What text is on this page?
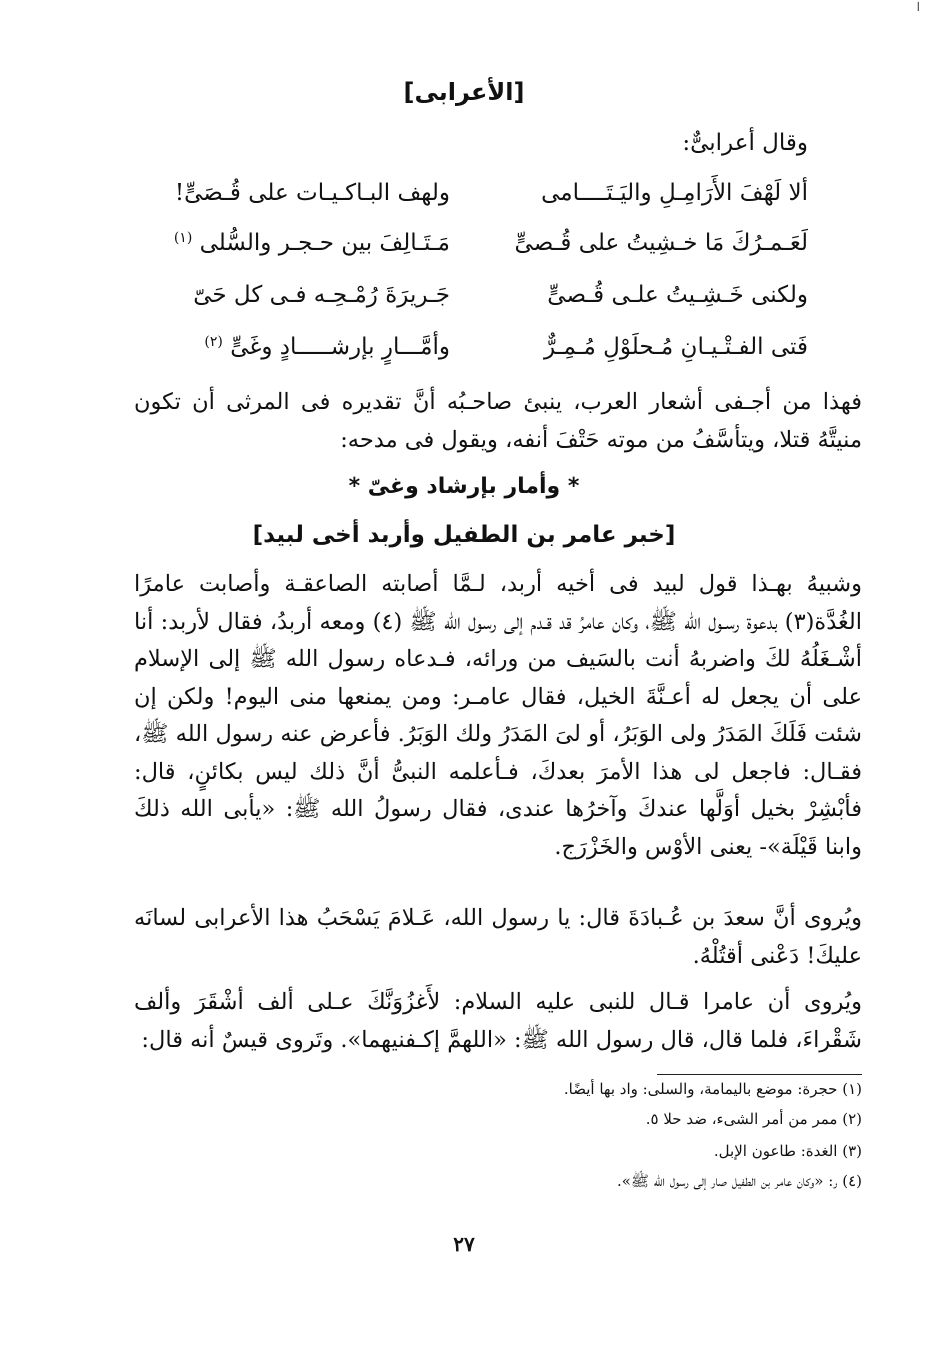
ا
[الأعرابى]
وقال أعرابىٌّ:
ألا لَهْفَ الأَرَامِـلِ واليَـتَــــامى
ولهف البـاكـيـات على قُـصَىٍّ!
لَعَـمـرُكَ مَا خـشِيتُ على قُـصىٍّ
مَـتَـالِفَ بين حـجـر والسُّلى $^{(١)}$
ولكنى خَـشِـيتُ علـى قُـصىٍّ
جَـريرَةَ رُمْـحِـه فـى كل حَىّ
فَتى الفـتْـيـانِ مُـحلَوْلِ مُـمِـرٌّ
وأمَّـــارٍ بإرشـــــادٍ وغَىٍّ $^{(٢)}$
فهذا من أجـفى أشعار العرب، ينبئ صاحـبُه أنَّ تقديره فى المرثى أن تكون منيتَّهُ قتلا، ويتأسَّفُ من موته حَتْفَ أنفه، ويقول فى مدحه:
* وأمار بإرشاد وغىّ *
[خبر عامر بن الطفيل وأربد أخى لبيد]
وشبيهُ بهـذا قول لبيد فى أخيه أربد، لـمَّا أصابته الصاعقـة وأصابت عامرًا الغُدَّة(٣) بدعوة رسـول الله ﷺ، وكان عامرُ قد قـدم إلى رسول الله ﷺ (٤) ومعه أربدُ، فقال لأربد: أنا أشْـغَلُهُ لكَ واضربهُ أنت بالسَيف من ورائه، فـدعاه رسول الله ﷺ إلى الإسلام على أن يجعل له أعـنَّةَ الخيل، فقال عامـر: ومن يمنعها منى اليوم! ولكن إن شئت فَلَكَ المَدَرُ ولى الوَبَرُ، أو لىَ المَدَرُ ولك الوَبَرُ. فأعرض عنه رسول الله ﷺ، فقـال: فاجعل لى هذا الأمرَ بعدكَ، فـأعلمه النبىُّ أنَّ ذلك ليس بكائنٍ، قال: فأبْشِرْ بخيل أوَلَّها عندكَ وآخرُها عندى، فقال رسولُ الله ﷺ: «يأبى الله ذلكَ وابنا قَيْلَة»- يعنى الأوْس والخَزْرَج.
ويُروى أنَّ سعدَ بن عُـبادَةَ قال: يا رسول الله، عَـلامَ يَسْحَبُ هذا الأعرابى لسانَه عليكَ! دَعْنى أقتُلْهُ.
ويُروى أن عامرا قـال للنبى عليه السلام: لأَغزُوَنَّكَ عـلى ألف أشْقَرَ وألف شَقْراءَ، فلما قال، قال رسول الله ﷺ: «اللهمَّ إكـفنيهما». وتَروى قيسٌ أنه قال:
(١) حجرة: موضع باليمامة، والسلى: واد بها أيضًا.
(٢) ممر من أمر الشىء، ضد حلا ٥.
(٣) الغدة: طاعون الإبل.
(٤) ر: «وكان عامر بن الطفيل صار إلى رسول الله ﷺ».
٢٧
